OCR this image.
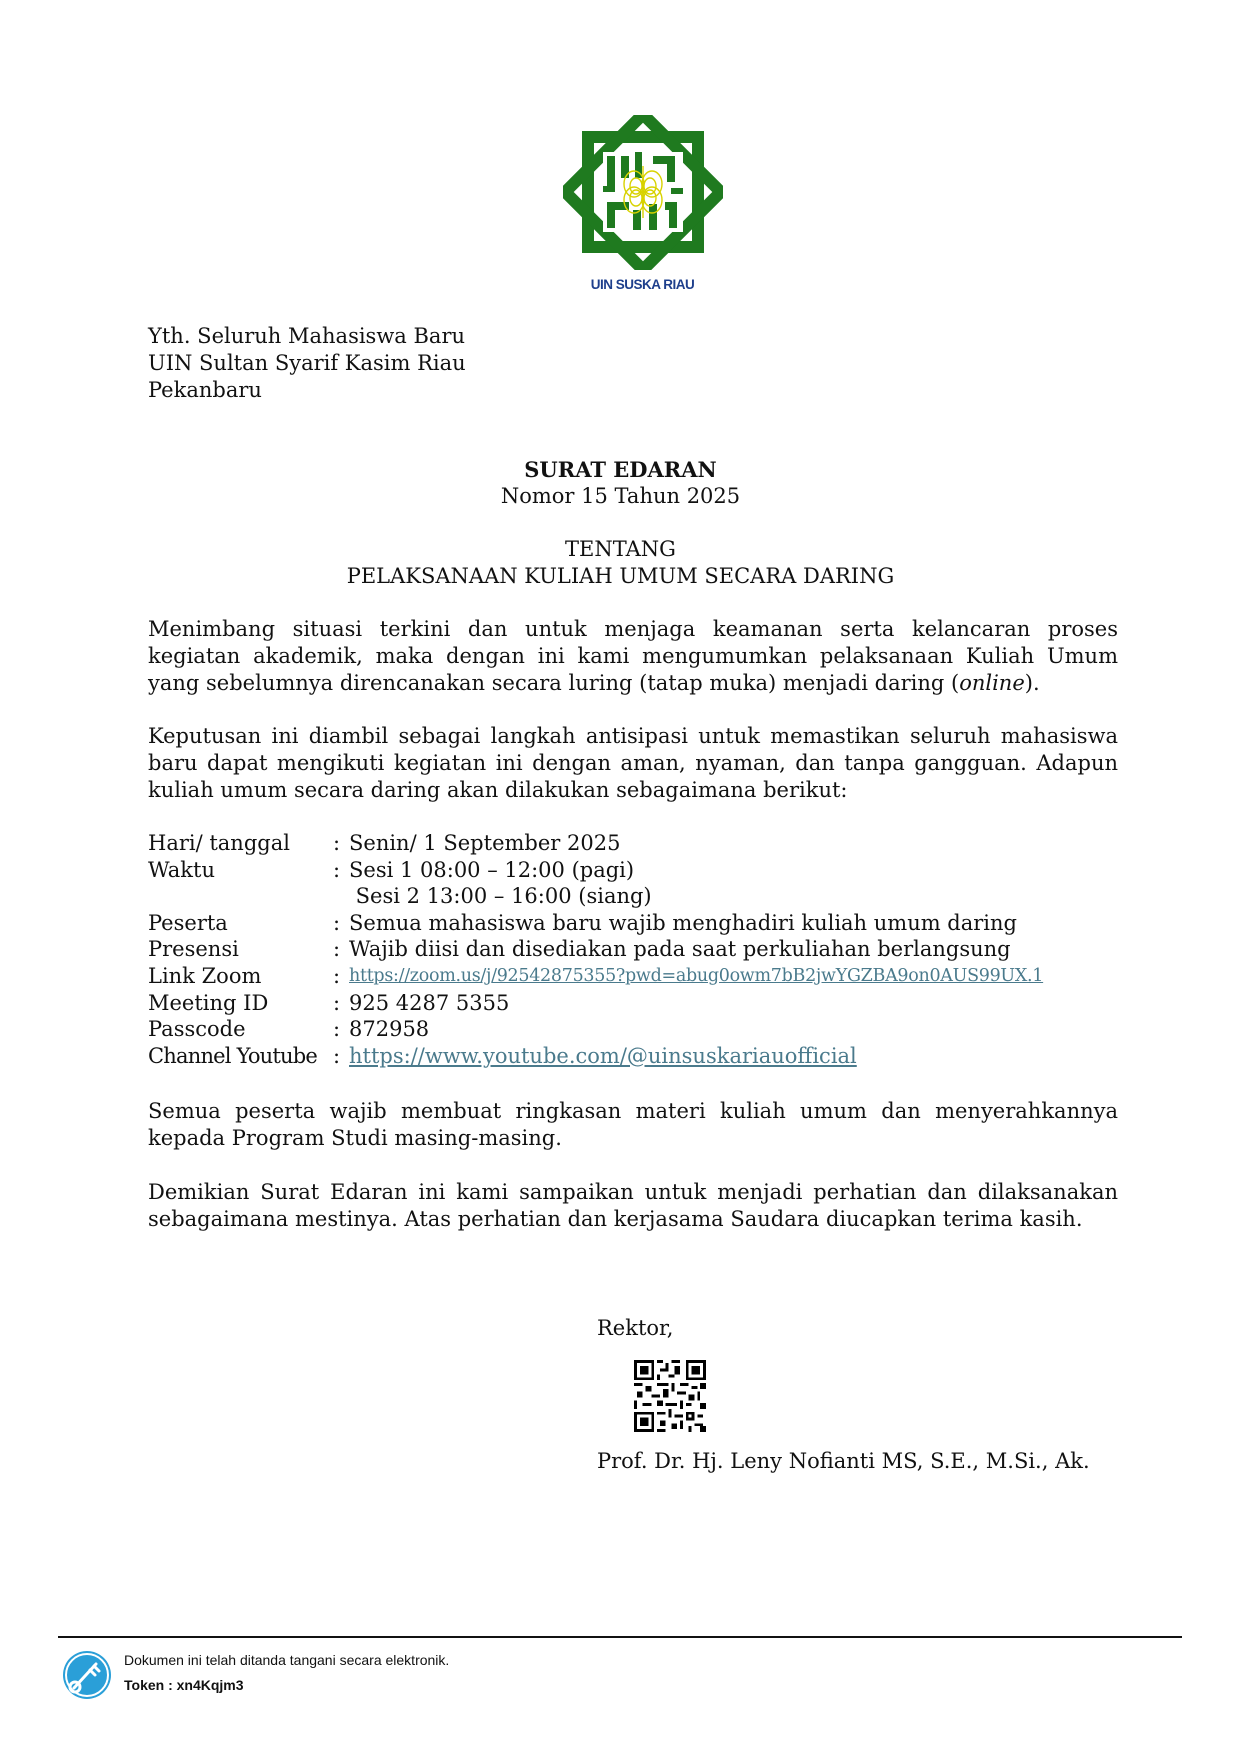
UIN SUSKA RIAU
Yth. Seluruh Mahasiswa Baru
UIN Sultan Syarif Kasim Riau
Pekanbaru
SURAT EDARAN
Nomor 15 Tahun 2025
TENTANG
PELAKSANAAN KULIAH UMUM SECARA DARING
Menimbang situasi terkini dan untuk menjaga keamanan serta kelancaran proses kegiatan akademik, maka dengan ini kami mengumumkan pelaksanaan Kuliah Umum yang sebelumnya direncanakan secara luring (tatap muka) menjadi daring (online).
Keputusan ini diambil sebagai langkah antisipasi untuk memastikan seluruh mahasiswa baru dapat mengikuti kegiatan ini dengan aman, nyaman, dan tanpa gangguan. Adapun kuliah umum secara daring akan dilakukan sebagaimana berikut:
Hari/ tanggal	: Senin/ 1 September 2025
Waktu	: Sesi 1 08:00 – 12:00 (pagi)
Sesi 2 13:00 – 16:00 (siang)
Peserta	: Semua mahasiswa baru wajib menghadiri kuliah umum daring
Presensi	: Wajib diisi dan disediakan pada saat perkuliahan berlangsung
Link Zoom	: https://zoom.us/j/92542875355?pwd=abug0owm7bB2jwYGZBA9on0AUS99UX.1
Meeting ID	: 925 4287 5355
Passcode	: 872958
Channel Youtube : https://www.youtube.com/@uinsuskariauofficial
Semua peserta wajib membuat ringkasan materi kuliah umum dan menyerahkannya kepada Program Studi masing-masing.
Demikian Surat Edaran ini kami sampaikan untuk menjadi perhatian dan dilaksanakan sebagaimana mestinya. Atas perhatian dan kerjasama Saudara diucapkan terima kasih.
Rektor,
Prof. Dr. Hj. Leny Nofianti MS, S.E., M.Si., Ak.
Dokumen ini telah ditanda tangani secara elektronik.
Token : xn4Kqjm3
